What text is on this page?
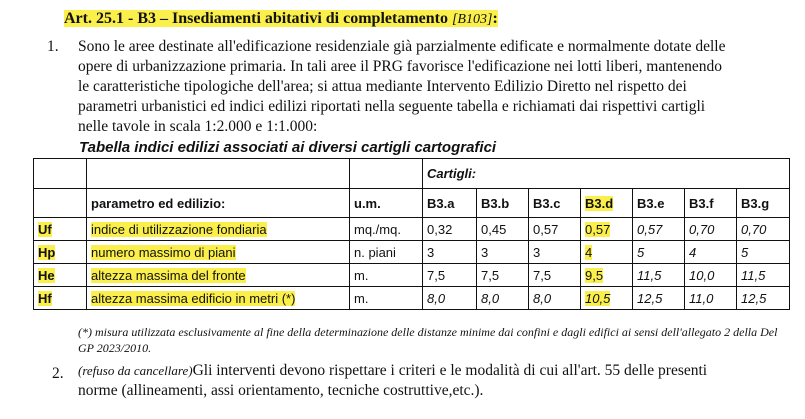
Art. 25.1 - B3 – Insediamenti abitativi di completamento [B103]:
1. Sono le aree destinate all'edificazione residenziale già parzialmente edificate e normalmente dotate delle
opere di urbanizzazione primaria. In tali aree il PRG favorisce l'edificazione nei lotti liberi, mantenendo
le caratteristiche tipologiche dell'area; si attua mediante Intervento Edilizio Diretto nel rispetto dei
parametri urbanistici ed indici edilizi riportati nella seguente tabella e richiamati dai rispettivi cartigli
nelle tavole in scala 1:2.000 e 1:1.000:
Tabella indici edilizi associati ai diversi cartigli cartografici
			Cartigli:						
	parametro ed edilizio:	u.m.	B3.a	B3.b	B3.c	B3.d	B3.e	B3.f	B3.g
Uf	indice di utilizzazione fondiaria	mq./mq.	0,32	0,45	0,57	0,57	0,57	0,70	0,70
Hp	numero massimo di piani	n. piani	3	3	3	4	5	4	5
He	altezza massima del fronte	m.	7,5	7,5	7,5	9,5	11,5	10,0	11,5
Hf	altezza massima edificio in metri (*)	m.	8,0	8,0	8,0	10,5	12,5	11,0	12,5
(*) misura utilizzata esclusivamente al fine della determinazione delle distanze minime dai confini e dagli edifici ai sensi dell'allegato 2 della Del GP 2023/2010.
2. (refuso da cancellare)Gli interventi devono rispettare i criteri e le modalità di cui all'art. 55 delle presenti
norme (allineamenti, assi orientamento, tecniche costruttive,etc.).
